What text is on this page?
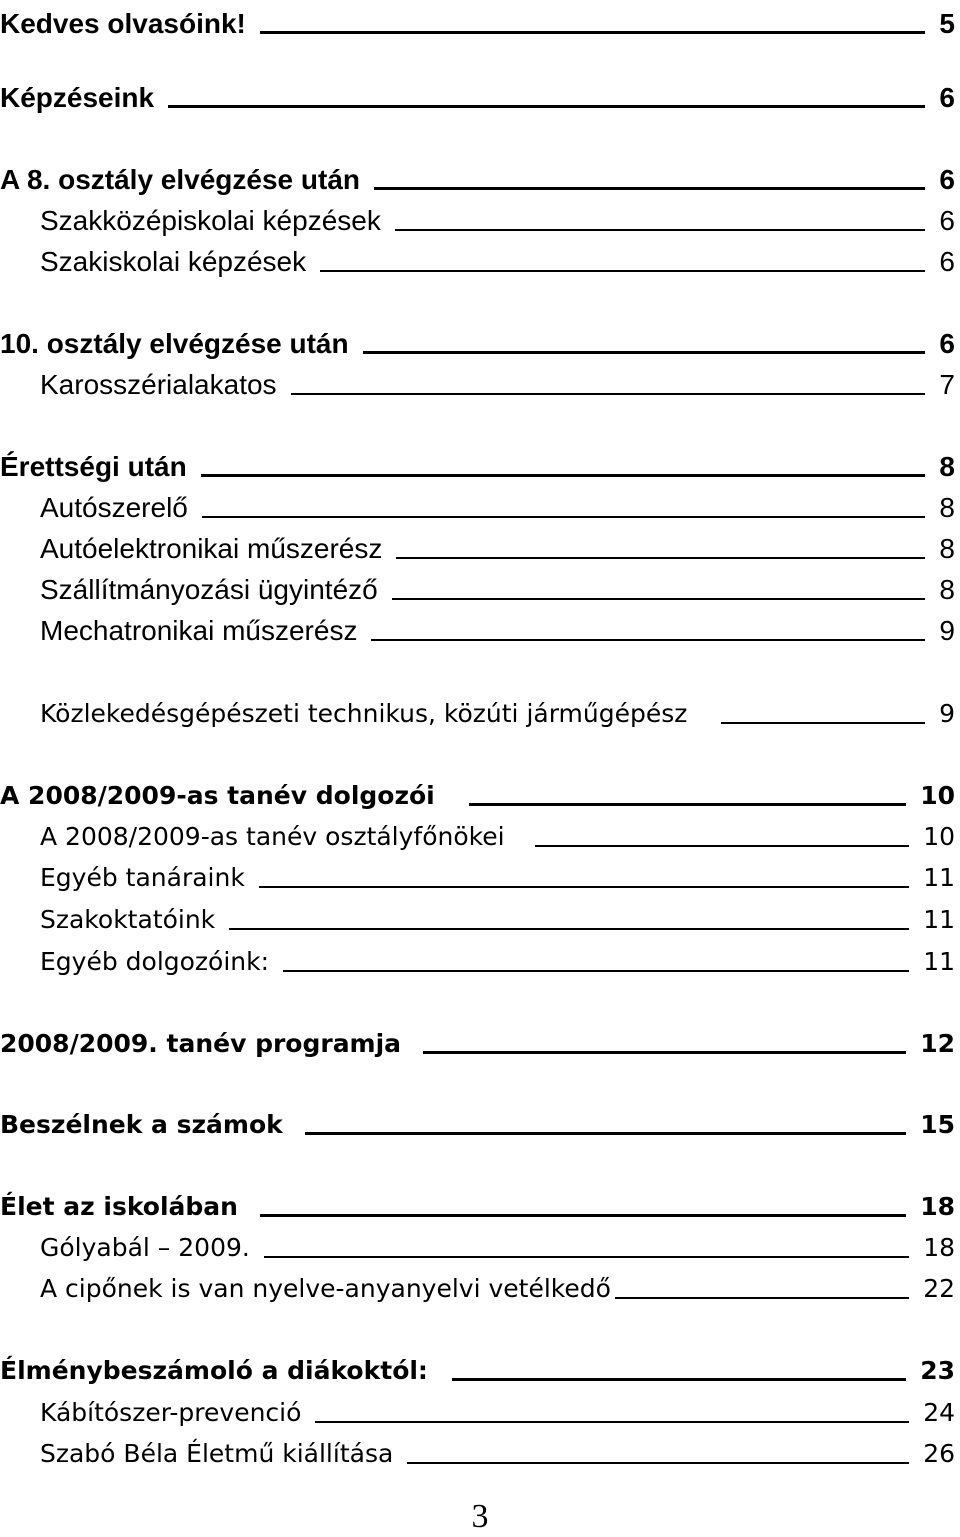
Kedves olvasóink!	5
Képzéseink	6
A 8. osztály elvégzése után	6
Szakközépiskolai képzések	6
Szakiskolai képzések	6
10. osztály elvégzése után	6
Karosszérialakatos	7
Érettségi után	8
Autószerelő	8
Autóelektronikai műszerész	8
Szállítmányozási ügyintéző	8
Mechatronikai műszerész	9
Közlekedésgépészeti technikus, közúti járműgépész	9
A 2008/2009-as tanév dolgozói	10
A 2008/2009-as tanév osztályfőnökei	10
Egyéb tanáraink	11
Szakoktatóink	11
Egyéb dolgozóink:	11
2008/2009. tanév programja	12
Beszélnek a számok	15
Élet az iskolában	18
Gólyabál – 2009.	18
A cipőnek is van nyelve-anyanyelvi vetélkedő	22
Élménybeszámoló a diákoktól:	23
Kábítószer-prevenció	24
Szabó Béla Életmű kiállítása	26
3
